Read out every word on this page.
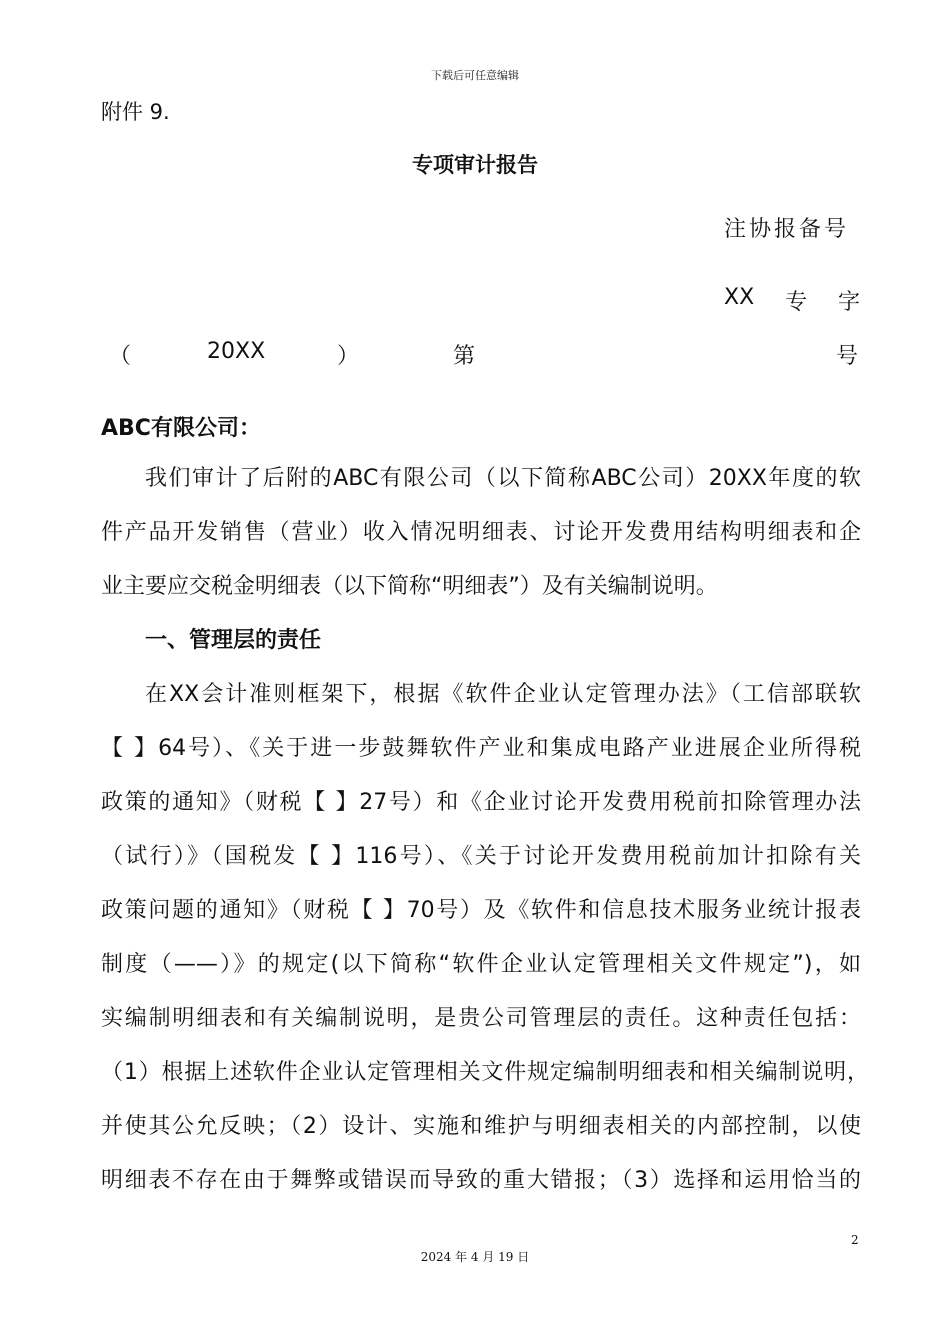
下载后可任意编辑
附件 9.
专项审计报告
注协报备号
XX 专 字
（	20XX	）	第	号
ABC有限公司：
我们审计了后附的ABC有限公司（以下简称ABC公司）20XX年度的软
件产品开发销售（营业）收入情况明细表、讨论开发费用结构明细表和企
业主要应交税金明细表（以下简称“明细表”）及有关编制说明。
一、管理层的责任
在XX会计准则框架下，根据《软件企业认定管理办法》（工信部联软
【 】64号）、《关于进一步鼓舞软件产业和集成电路产业进展企业所得税
政策的通知》（财税【 】27号）和《企业讨论开发费用税前扣除管理办法
（试行）》（国税发【 】116号）、《关于讨论开发费用税前加计扣除有关
政策问题的通知》（财税【 】70号）及《软件和信息技术服务业统计报表
制度（——）》的规定(以下简称“软件企业认定管理相关文件规定”)，如
实编制明细表和有关编制说明，是贵公司管理层的责任。这种责任包括：
（1）根据上述软件企业认定管理相关文件规定编制明细表和相关编制说明，
并使其公允反映；（2）设计、实施和维护与明细表相关的内部控制，以使
明细表不存在由于舞弊或错误而导致的重大错报；（3）选择和运用恰当的
2
2024 年 4 月 19 日
